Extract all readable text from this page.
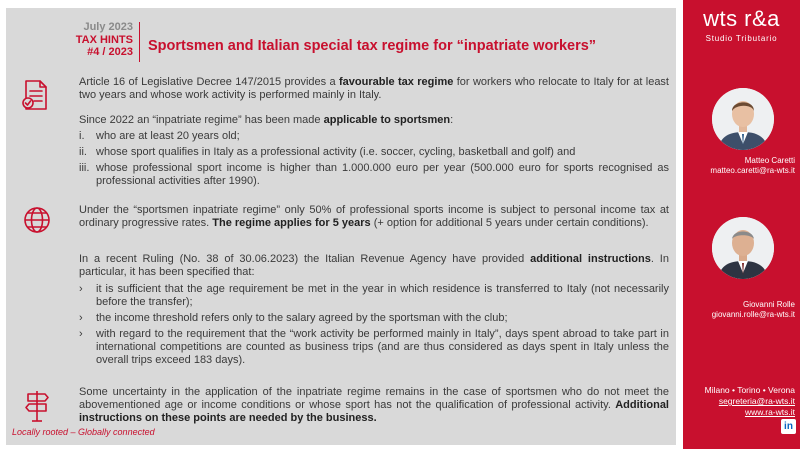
July 2023
TAX HINTS
#4 / 2023 Sportsmen and Italian special tax regime for “inpatriate workers”
Article 16 of Legislative Decree 147/2015 provides a favourable tax regime for workers who relocate to Italy for at least two years and whose work activity is performed mainly in Italy.
Since 2022 an “inpatriate regime” has been made applicable to sportsmen:
i. who are at least 20 years old;
ii. whose sport qualifies in Italy as a professional activity (i.e. soccer, cycling, basketball and golf) and
iii. whose professional sport income is higher than 1.000.000 euro per year (500.000 euro for sports recognised as professional activities after 1990).
Under the “sportsmen inpatriate regime” only 50% of professional sports income is subject to personal income tax at ordinary progressive rates. The regime applies for 5 years (+ option for additional 5 years under certain conditions).
In a recent Ruling (No. 38 of 30.06.2023) the Italian Revenue Agency have provided additional instructions. In particular, it has been specified that:
› it is sufficient that the age requirement be met in the year in which residence is transferred to Italy (not necessarily before the transfer);
› the income threshold refers only to the salary agreed by the sportsman with the club;
› with regard to the requirement that the “work activity be performed mainly in Italy”, days spent abroad to take part in international competitions are counted as business trips (and are thus considered as days spent in Italy unless the overall trips exceed 183 days).
Some uncertainty in the application of the inpatriate regime remains in the case of sportsmen who do not meet the abovementioned age or income conditions or whose sport has not the qualification of professional activity. Additional instructions on these points are needed by the business.
Locally rooted – Globally connected
wts r&a
Studio Tributario
Matteo Caretti
matteo.caretti@ra-wts.it
Giovanni Rolle
giovanni.rolle@ra-wts.it
Milano • Torino • Verona
segreteria@ra-wts.it
www.ra-wts.it
in
